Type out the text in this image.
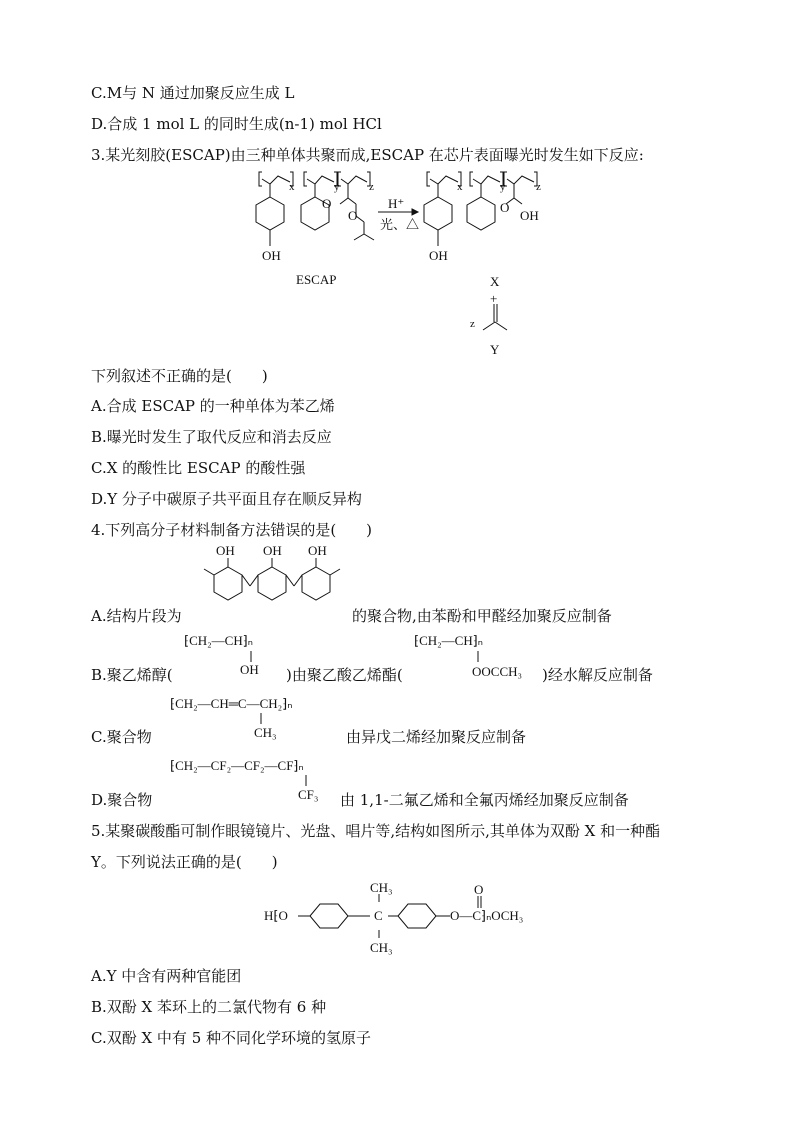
C.M与 N 通过加聚反应生成 L
D.合成 1 mol L 的同时生成(n-1) mol HCl
3.某光刻胶(ESCAP)由三种单体共聚而成,ESCAP 在芯片表面曝光时发生如下反应:
OH
ESCAP
H⁺
光、△
OH
O
O	O
OH
x	y	z	x	y	z
X
+
z
Y
下列叙述不正确的是(　　)
A.合成 ESCAP 的一种单体为苯乙烯
B.曝光时发生了取代反应和消去反应
C.X 的酸性比 ESCAP 的酸性强
D.Y 分子中碳原子共平面且存在顺反异构
4.下列高分子材料制备方法错误的是(　　)
OH OH OH
A.结构片段为	的聚合物,由苯酚和甲醛经加聚反应制备
⁅CH₂—CH⁆ₙ
OH
⁅CH₂—CH⁆ₙ
OOCCH₃
B.聚乙烯醇(	)由聚乙酸乙烯酯(	)经水解反应制备
⁅CH₂—CH═C—CH₂⁆ₙ
CH₃
C.聚合物	由异戊二烯经加聚反应制备
⁅CH₂—CF₂—CF₂—CF⁆ₙ
CF₃
D.聚合物	由 1,1-二氟乙烯和全氟丙烯经加聚反应制备
5.某聚碳酸酯可制作眼镜镜片、光盘、唱片等,结构如图所示,其单体为双酚 X 和一种酯
Y。下列说法正确的是(　　)
H⁅O	C
CH₃
CH₃
O—C⁆ₙOCH₃
O
A.Y 中含有两种官能团
B.双酚 X 苯环上的二氯代物有 6 种
C.双酚 X 中有 5 种不同化学环境的氢原子
